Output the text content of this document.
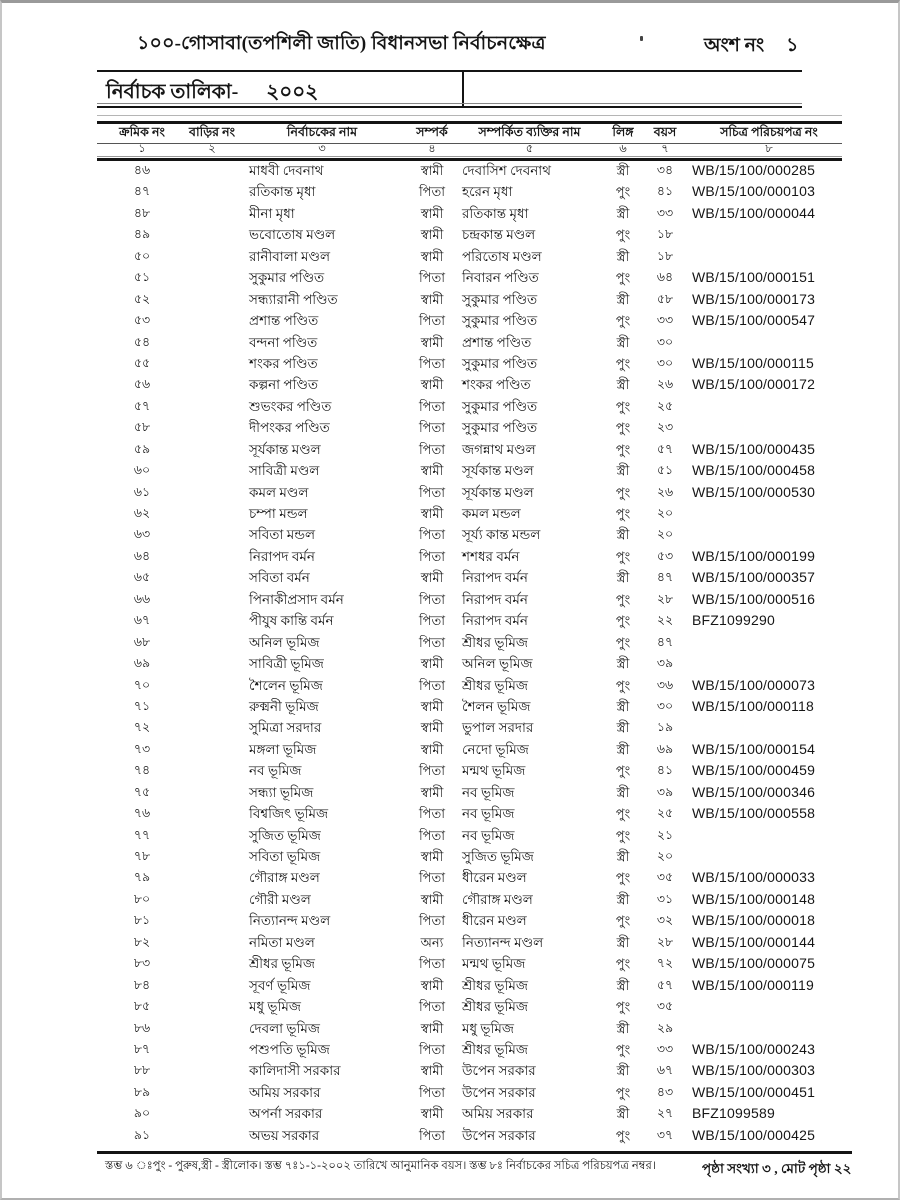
১০০-গোসাবা(তপশিলী জাতি) বিধানসভা নির্বাচনক্ষেত্র	অংশ নং ১
নির্বাচক তালিকা- ২০০২
ক্রমিক নং	বাড়ির নং	নির্বাচকের নাম	সম্পর্ক	সম্পর্কিত ব্যক্তির নাম	লিঙ্গ	বয়স	সচিত্র পরিচয়পত্র নং
১	২	৩	৪	৫	৬	৭	৮
৪৬	মাধবী দেবনাথ	স্বামী	দেবাসিশ দেবনাথ	স্ত্রী	৩৪	WB/15/100/000285
৪৭	রতিকান্ত মৃধা	পিতা	হরেন মৃধা	পুং	৪১	WB/15/100/000103
৪৮	মীনা মৃধা	স্বামী	রতিকান্ত মৃধা	স্ত্রী	৩৩	WB/15/100/000044
৪৯	ভবোতোষ মণ্ডল	স্বামী	চন্দ্রকান্ত মণ্ডল	পুং	১৮
৫০	রানীবালা মণ্ডল	স্বামী	পরিতোষ মণ্ডল	স্ত্রী	১৮
৫১	সুকুমার পণ্ডিত	পিতা	নিবারন পণ্ডিত	পুং	৬৪	WB/15/100/000151
৫২	সন্ধ্যারানী পণ্ডিত	স্বামী	সুকুমার পণ্ডিত	স্ত্রী	৫৮	WB/15/100/000173
৫৩	প্রশান্ত পণ্ডিত	পিতা	সুকুমার পণ্ডিত	পুং	৩৩	WB/15/100/000547
৫৪	বন্দনা পণ্ডিত	স্বামী	প্রশান্ত পণ্ডিত	স্ত্রী	৩০
৫৫	শংকর পণ্ডিত	পিতা	সুকুমার পণ্ডিত	পুং	৩০	WB/15/100/000115
৫৬	কল্পনা পণ্ডিত	স্বামী	শংকর পণ্ডিত	স্ত্রী	২৬	WB/15/100/000172
৫৭	শুভংকর পণ্ডিত	পিতা	সুকুমার পণ্ডিত	পুং	২৫
৫৮	দীপংকর পণ্ডিত	পিতা	সুকুমার পণ্ডিত	পুং	২৩
৫৯	সূর্যকান্ত মণ্ডল	পিতা	জগন্নাথ মণ্ডল	পুং	৫৭	WB/15/100/000435
৬০	সাবিত্রী মণ্ডল	স্বামী	সূর্যকান্ত মণ্ডল	স্ত্রী	৫১	WB/15/100/000458
৬১	কমল মণ্ডল	পিতা	সূর্যকান্ত মণ্ডল	পুং	২৬	WB/15/100/000530
৬২	চম্পা মন্ডল	স্বামী	কমল মন্ডল	পুং	২০
৬৩	সবিতা মন্ডল	পিতা	সূর্য্য কান্ত মন্ডল	স্ত্রী	২০
৬৪	নিরাপদ বর্মন	পিতা	শশধর বর্মন	পুং	৫৩	WB/15/100/000199
৬৫	সবিতা বর্মন	স্বামী	নিরাপদ বর্মন	স্ত্রী	৪৭	WB/15/100/000357
৬৬	পিনাকীপ্রসাদ বর্মন	পিতা	নিরাপদ বর্মন	পুং	২৮	WB/15/100/000516
৬৭	পীযুষ কান্তি বর্মন	পিতা	নিরাপদ বর্মন	পুং	২২	BFZ1099290
৬৮	অনিল ভূমিজ	পিতা	শ্রীধর ভূমিজ	পুং	৪৭
৬৯	সাবিত্রী ভূমিজ	স্বামী	অনিল ভূমিজ	স্ত্রী	৩৯
৭০	শৈলেন ভূমিজ	পিতা	শ্রীধর ভূমিজ	পুং	৩৬	WB/15/100/000073
৭১	রুক্মনী ভূমিজ	স্বামী	শৈলন ভূমিজ	স্ত্রী	৩০	WB/15/100/000118
৭২	সুমিত্রা সরদার	স্বামী	ভুপাল সরদার	স্ত্রী	১৯
৭৩	মঙ্গলা ভূমিজ	স্বামী	নেদো ভূমিজ	স্ত্রী	৬৯	WB/15/100/000154
৭৪	নব ভূমিজ	পিতা	মন্মথ ভূমিজ	পুং	৪১	WB/15/100/000459
৭৫	সন্ধ্যা ভূমিজ	স্বামী	নব ভূমিজ	স্ত্রী	৩৯	WB/15/100/000346
৭৬	বিশ্বজিৎ ভূমিজ	পিতা	নব ভূমিজ	পুং	২৫	WB/15/100/000558
৭৭	সুজিত ভূমিজ	পিতা	নব ভূমিজ	পুং	২১
৭৮	সবিতা ভূমিজ	স্বামী	সুজিত ভূমিজ	স্ত্রী	২০
৭৯	গৌরাঙ্গ মণ্ডল	পিতা	ধীরেন মণ্ডল	পুং	৩৫	WB/15/100/000033
৮০	গৌরী মণ্ডল	স্বামী	গৌরাঙ্গ মণ্ডল	স্ত্রী	৩১	WB/15/100/000148
৮১	নিত্যানন্দ মণ্ডল	পিতা	ধীরেন মণ্ডল	পুং	৩২	WB/15/100/000018
৮২	নমিতা মণ্ডল	অন্য	নিত্যানন্দ মণ্ডল	স্ত্রী	২৮	WB/15/100/000144
৮৩	শ্রীধর ভূমিজ	পিতা	মন্মথ ভূমিজ	পুং	৭২	WB/15/100/000075
৮৪	সূবর্ণ ভূমিজ	স্বামী	শ্রীধর ভূমিজ	স্ত্রী	৫৭	WB/15/100/000119
৮৫	মধু ভূমিজ	পিতা	শ্রীধর ভূমিজ	পুং	৩৫
৮৬	দেবলা ভূমিজ	স্বামী	মধু ভূমিজ	স্ত্রী	২৯
৮৭	পশুপতি ভূমিজ	পিতা	শ্রীধর ভূমিজ	পুং	৩৩	WB/15/100/000243
৮৮	কালিদাসী সরকার	স্বামী	উপেন সরকার	স্ত্রী	৬৭	WB/15/100/000303
৮৯	অমিয় সরকার	পিতা	উপেন সরকার	পুং	৪৩	WB/15/100/000451
৯০	অপর্না সরকার	স্বামী	অমিয় সরকার	স্ত্রী	২৭	BFZ1099589
৯১	অভয় সরকার	পিতা	উপেন সরকার	পুং	৩৭	WB/15/100/000425
স্তম্ভ ৬ ঃপুং - পুরুষ,স্ত্রী - স্ত্রীলোক। স্তম্ভ ৭ঃ১-১-২০০২ তারিখে আনুমানিক বয়স। স্তম্ভ ৮ঃ নির্বাচকের সচিত্র পরিচয়পত্র নম্বর।	পৃষ্ঠা সংখ্যা ৩ , মোট পৃষ্ঠা ২২
